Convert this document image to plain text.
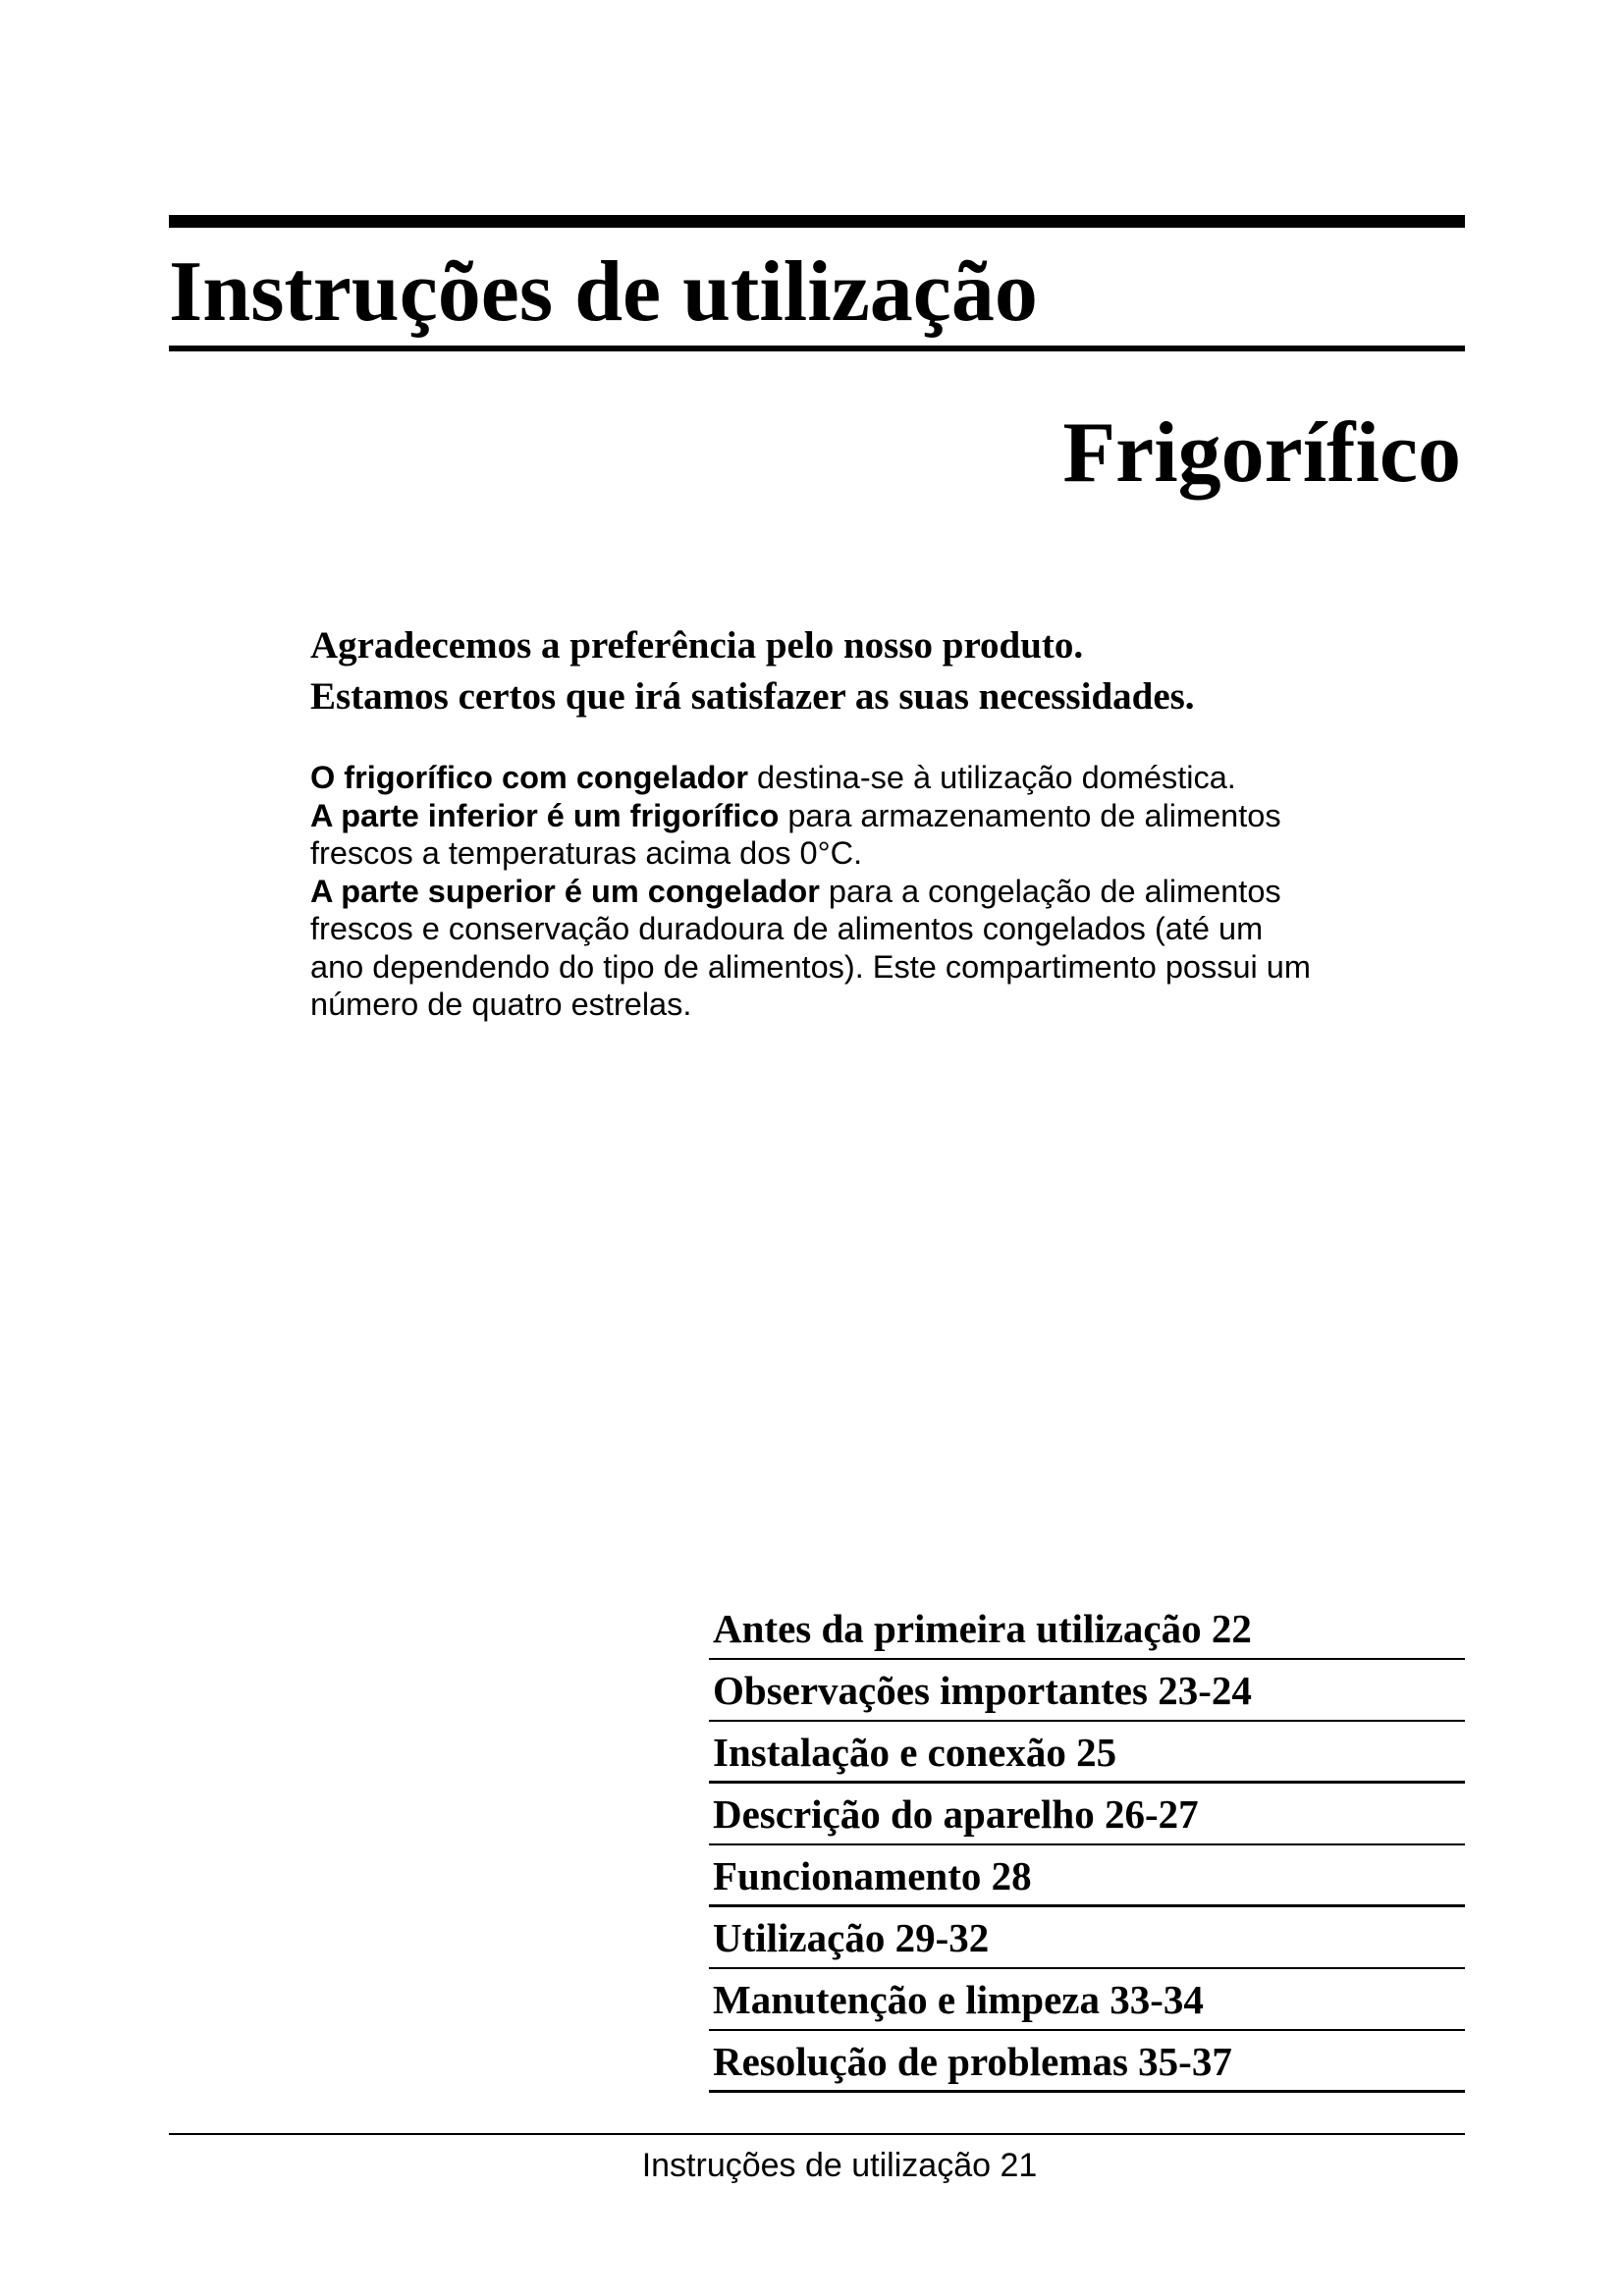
Instruções de utilização
Frigorífico

Agradecemos a preferência pelo nosso produto.
Estamos certos que irá satisfazer as suas necessidades.

O frigorífico com congelador destina-se à utilização doméstica.
A parte inferior é um frigorífico para armazenamento de alimentos
frescos a temperaturas acima dos 0°C.
A parte superior é um congelador para a congelação de alimentos
frescos e conservação duradoura de alimentos congelados (até um
ano dependendo do tipo de alimentos). Este compartimento possui um
número de quatro estrelas.

Antes da primeira utilização 22
Observações importantes 23-24
Instalação e conexão 25
Descrição do aparelho 26-27
Funcionamento 28
Utilização 29-32
Manutenção e limpeza 33-34
Resolução de problemas 35-37

Instruções de utilização 21
